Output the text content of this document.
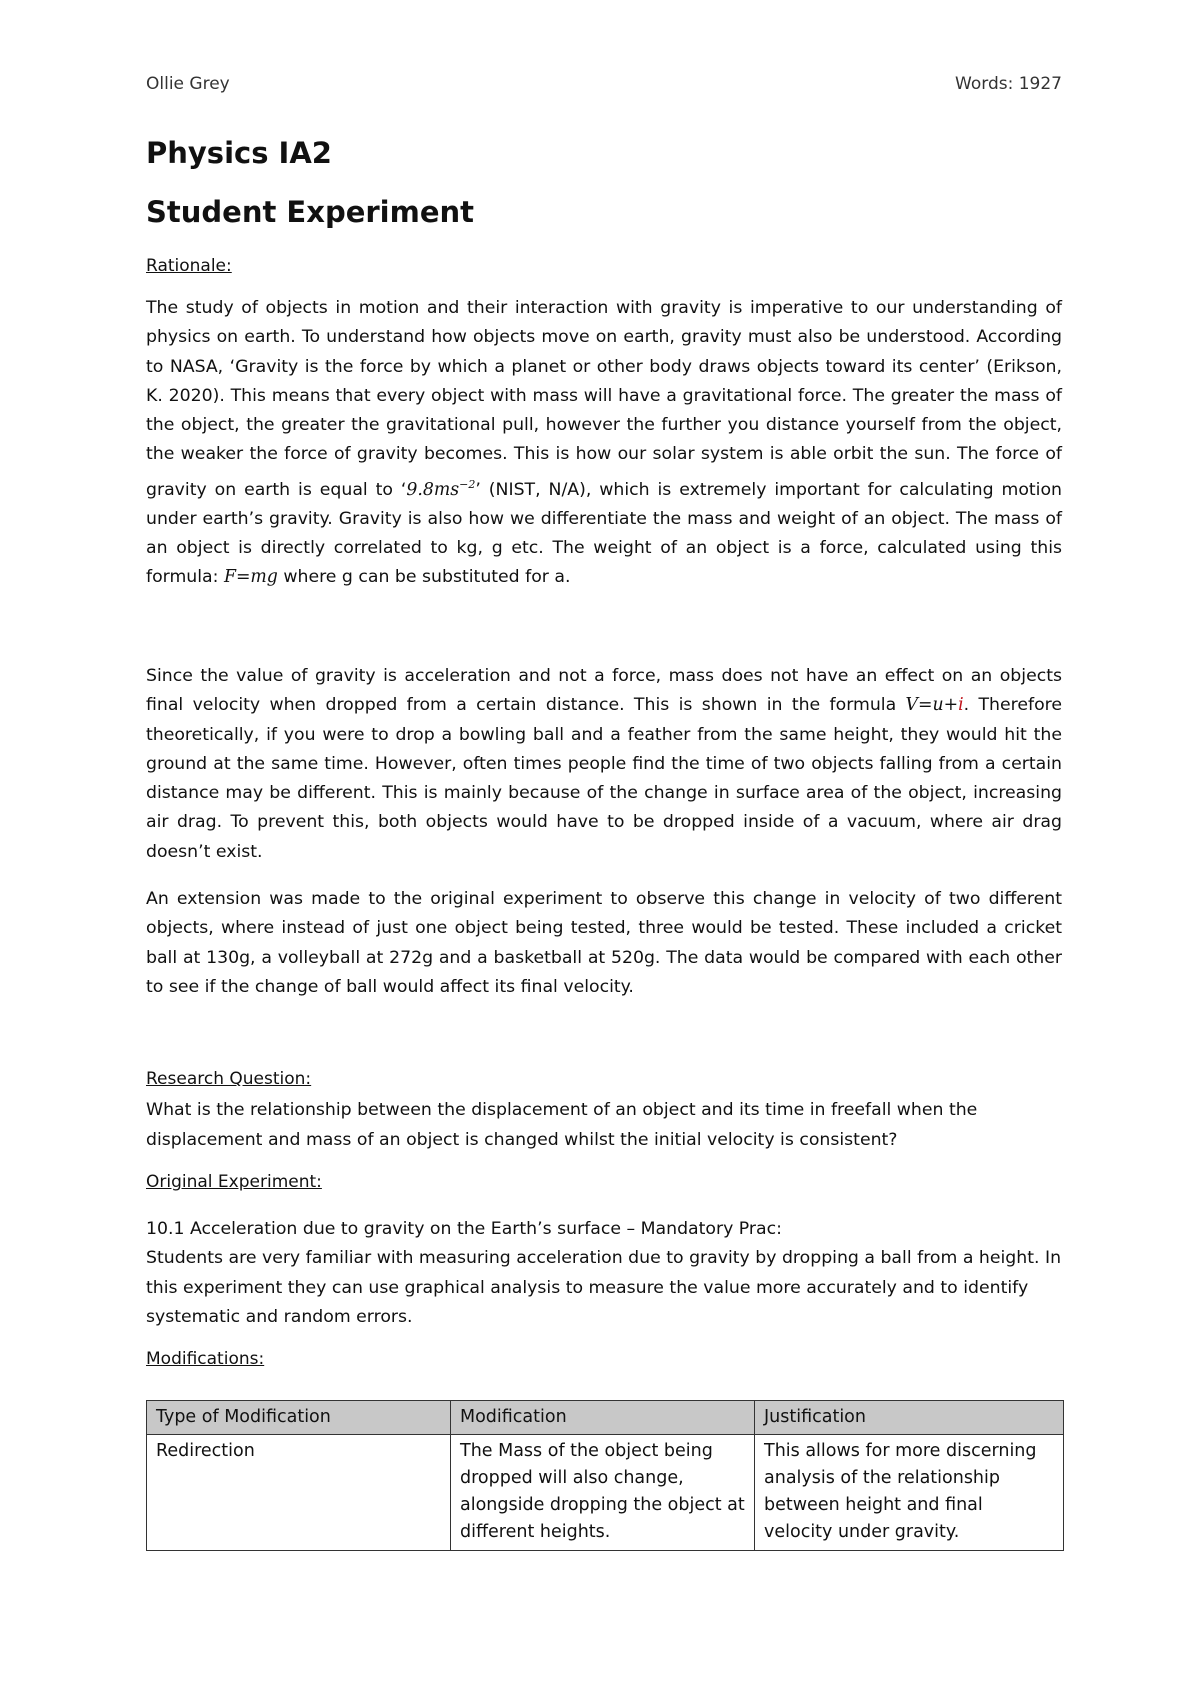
Ollie Grey	Words: 1927
Physics IA2
Student Experiment
Rationale:

The study of objects in motion and their interaction with gravity is imperative to our understanding of physics on earth. To understand how objects move on earth, gravity must also be understood. According to NASA, ‘Gravity is the force by which a planet or other body draws objects toward its center’ (Erikson, K. 2020). This means that every object with mass will have a gravitational force. The greater the mass of the object, the greater the gravitational pull, however the further you distance yourself from the object, the weaker the force of gravity becomes. This is how our solar system is able orbit the sun. The force of gravity on earth is equal to ‘$9.8ms^{-2}$’ (NIST, N/A), which is extremely important for calculating motion under earth’s gravity. Gravity is also how we differentiate the mass and weight of an object. The mass of an object is directly correlated to kg, g etc. The weight of an object is a force, calculated using this formula: F=mg where g can be substituted for a.

Since the value of gravity is acceleration and not a force, mass does not have an effect on an objects final velocity when dropped from a certain distance. This is shown in the formula V=u+i. Therefore theoretically, if you were to drop a bowling ball and a feather from the same height, they would hit the ground at the same time. However, often times people find the time of two objects falling from a certain distance may be different. This is mainly because of the change in surface area of the object, increasing air drag. To prevent this, both objects would have to be dropped inside of a vacuum, where air drag doesn’t exist.

An extension was made to the original experiment to observe this change in velocity of two different objects, where instead of just one object being tested, three would be tested. These included a cricket ball at 130g, a volleyball at 272g and a basketball at 520g. The data would be compared with each other to see if the change of ball would affect its final velocity.

Research Question:

What is the relationship between the displacement of an object and its time in freefall when the displacement and mass of an object is changed whilst the initial velocity is consistent?

Original Experiment:

10.1 Acceleration due to gravity on the Earth’s surface – Mandatory Prac:

Students are very familiar with measuring acceleration due to gravity by dropping a ball from a height. In this experiment they can use graphical analysis to measure the value more accurately and to identify systematic and random errors.

Modifications:
Type of Modification	Modification	Justification
Redirection	The Mass of the object being dropped will also change, alongside dropping the object at different heights.	This allows for more discerning analysis of the relationship between height and final velocity under gravity.
